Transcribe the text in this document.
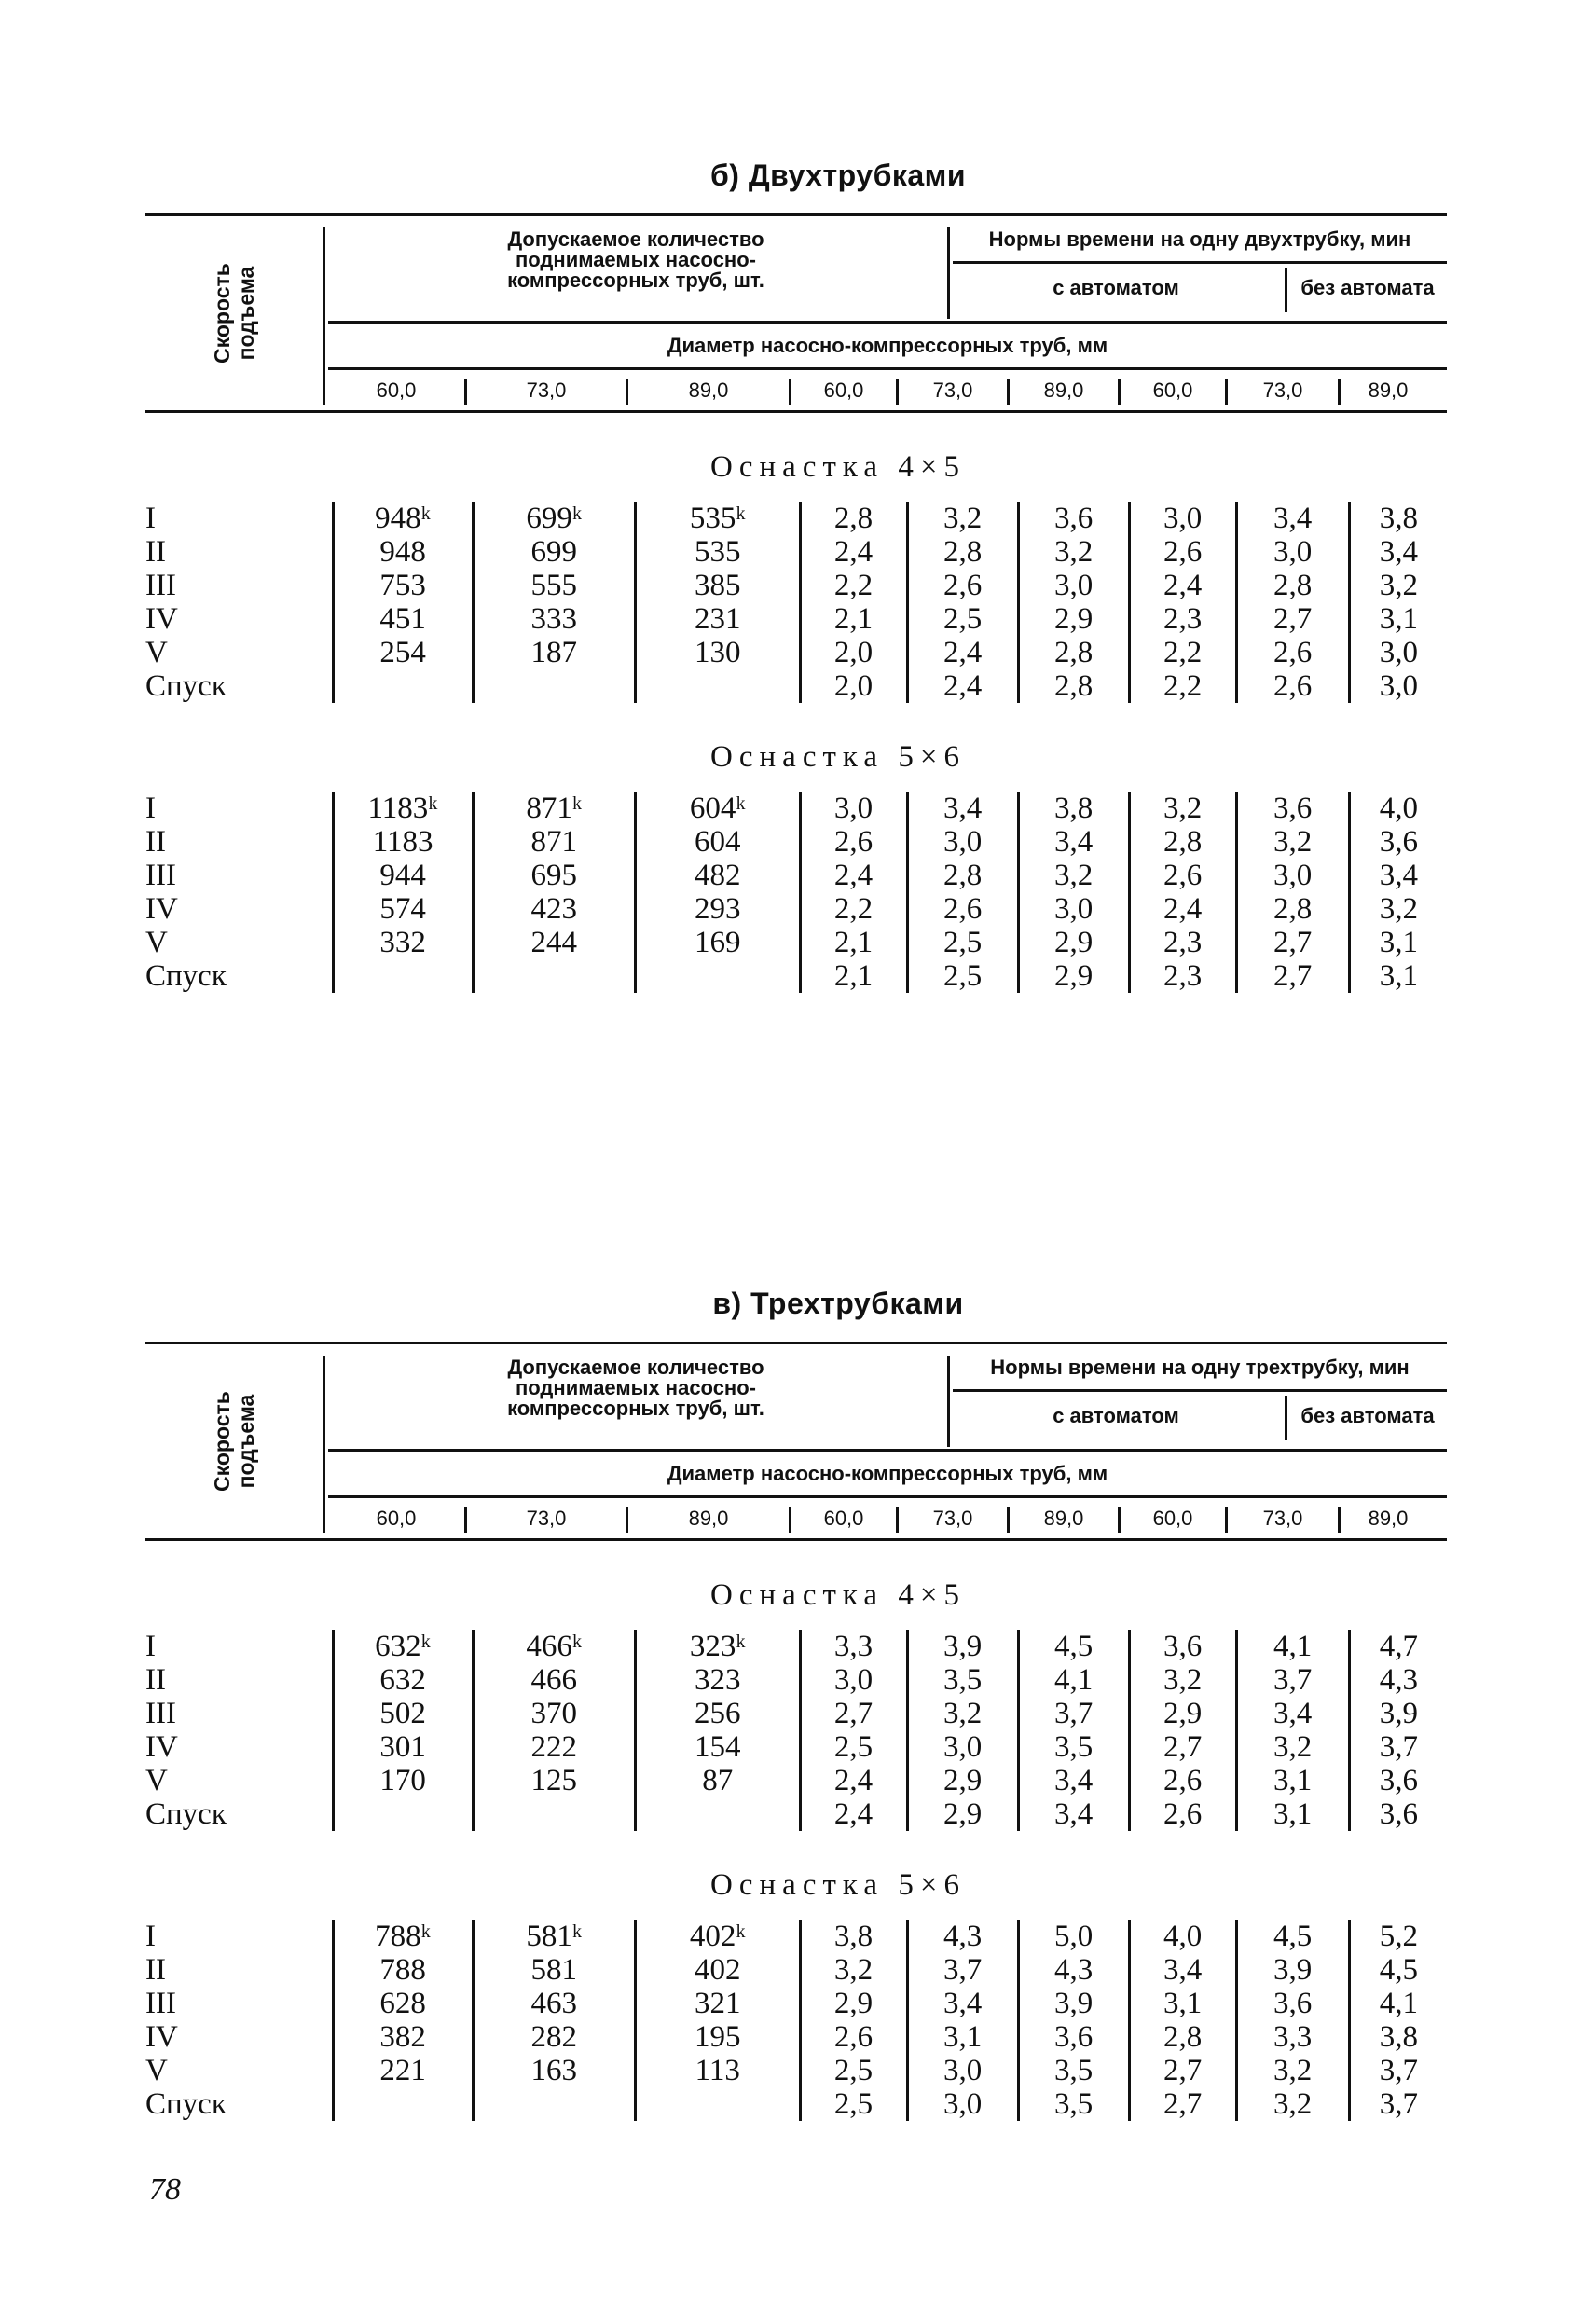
б) Двухтрубками
Скорость
подъема
Допускаемое количество
поднимаемых насосно-
компрессорных труб, шт.
Нормы времени на одну двухтрубку, мин
с автоматом	без автомата
Диаметр насосно-компрессорных труб, мм
60,0	73,0	89,0	60,0	73,0	89,0	60,0	73,0	89,0
Оснастка 4×5
I	948ᵏ	699ᵏ	535ᵏ	2,8	3,2	3,6	3,0	3,4	3,8
II	948	699	535	2,4	2,8	3,2	2,6	3,0	3,4
III	753	555	385	2,2	2,6	3,0	2,4	2,8	3,2
IV	451	333	231	2,1	2,5	2,9	2,3	2,7	3,1
V	254	187	130	2,0	2,4	2,8	2,2	2,6	3,0
Спуск				2,0	2,4	2,8	2,2	2,6	3,0
Оснастка 5×6
I	1183ᵏ	871ᵏ	604ᵏ	3,0	3,4	3,8	3,2	3,6	4,0
II	1183	871	604	2,6	3,0	3,4	2,8	3,2	3,6
III	944	695	482	2,4	2,8	3,2	2,6	3,0	3,4
IV	574	423	293	2,2	2,6	3,0	2,4	2,8	3,2
V	332	244	169	2,1	2,5	2,9	2,3	2,7	3,1
Спуск				2,1	2,5	2,9	2,3	2,7	3,1
в) Трехтрубками
Скорость
подъема
Допускаемое количество
поднимаемых насосно-
компрессорных труб, шт.
Нормы времени на одну трехтрубку, мин
с автоматом	без автомата
Диаметр насосно-компрессорных труб, мм
60,0	73,0	89,0	60,0	73,0	89,0	60,0	73,0	89,0
Оснастка 4×5
I	632ᵏ	466ᵏ	323ᵏ	3,3	3,9	4,5	3,6	4,1	4,7
II	632	466	323	3,0	3,5	4,1	3,2	3,7	4,3
III	502	370	256	2,7	3,2	3,7	2,9	3,4	3,9
IV	301	222	154	2,5	3,0	3,5	2,7	3,2	3,7
V	170	125	87	2,4	2,9	3,4	2,6	3,1	3,6
Спуск				2,4	2,9	3,4	2,6	3,1	3,6
Оснастка 5×6
I	788ᵏ	581ᵏ	402ᵏ	3,8	4,3	5,0	4,0	4,5	5,2
II	788	581	402	3,2	3,7	4,3	3,4	3,9	4,5
III	628	463	321	2,9	3,4	3,9	3,1	3,6	4,1
IV	382	282	195	2,6	3,1	3,6	2,8	3,3	3,8
V	221	163	113	2,5	3,0	3,5	2,7	3,2	3,7
Спуск				2,5	3,0	3,5	2,7	3,2	3,7
78
